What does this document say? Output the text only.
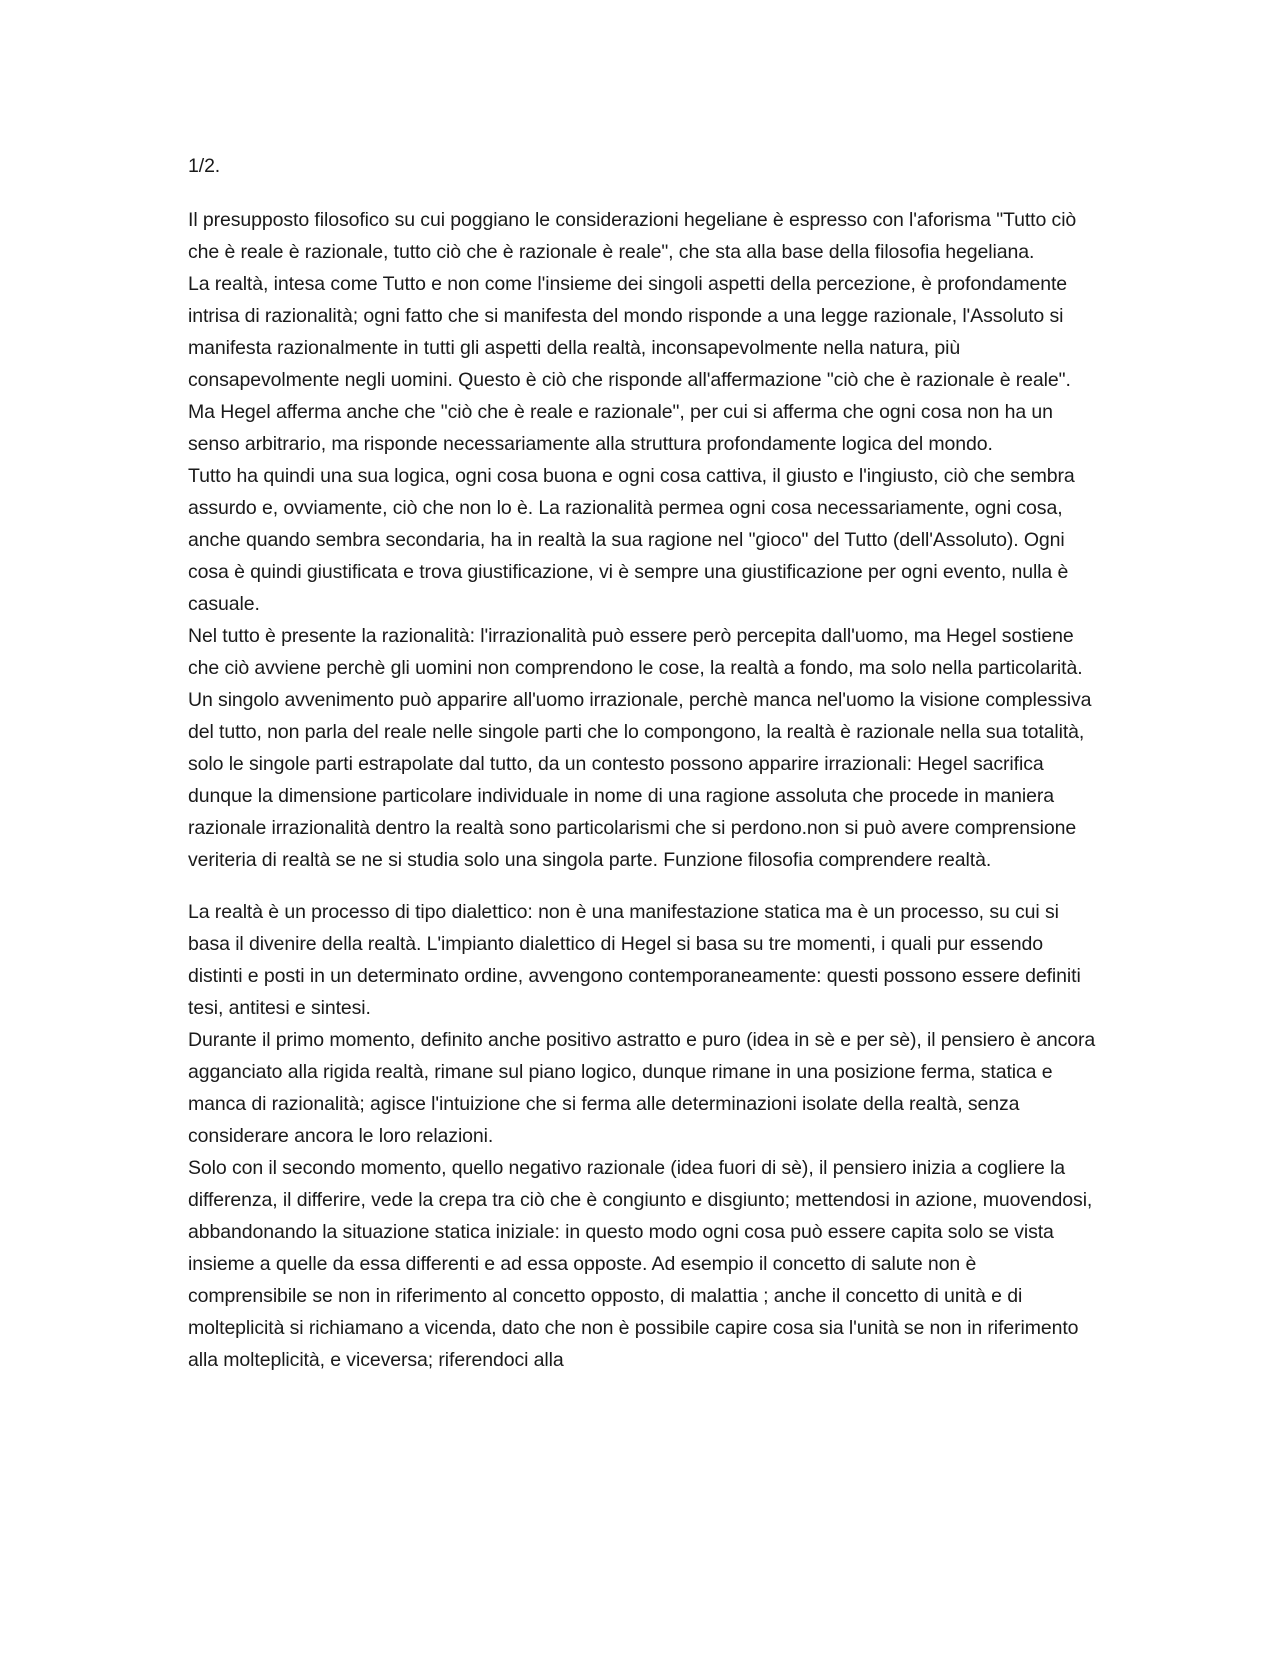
1/2.

Il presupposto filosofico su cui poggiano le considerazioni hegeliane è espresso con l'aforisma "Tutto ciò che è reale è razionale, tutto ciò che è razionale è reale", che sta alla base della filosofia hegeliana.

La realtà, intesa come Tutto e non come l'insieme dei singoli aspetti della percezione, è profondamente intrisa di razionalità; ogni fatto che si manifesta del mondo risponde a una legge razionale, l'Assoluto si manifesta razionalmente in tutti gli aspetti della realtà, inconsapevolmente nella natura, più consapevolmente negli uomini. Questo è ciò che risponde all'affermazione "ciò che è razionale è reale". Ma Hegel afferma anche che "ciò che è reale e razionale", per cui si afferma che ogni cosa non ha un senso arbitrario, ma risponde necessariamente alla struttura profondamente logica del mondo.

Tutto ha quindi una sua logica, ogni cosa buona e ogni cosa cattiva, il giusto e l'ingiusto, ciò che sembra assurdo e, ovviamente, ciò che non lo è. La razionalità permea ogni cosa necessariamente, ogni cosa, anche quando sembra secondaria, ha in realtà la sua ragione nel "gioco" del Tutto (dell'Assoluto). Ogni cosa è quindi giustificata e trova giustificazione, vi è sempre una giustificazione per ogni evento, nulla è casuale.

Nel tutto è presente la razionalità: l'irrazionalità può essere però percepita dall'uomo, ma Hegel sostiene che ciò avviene perchè gli uomini non comprendono le cose, la realtà a fondo, ma solo nella particolarità. Un singolo avvenimento può apparire all'uomo irrazionale, perchè manca nel'uomo la visione complessiva del tutto, non parla del reale nelle singole parti che lo compongono, la realtà è razionale nella sua totalità, solo le singole parti estrapolate dal tutto, da un contesto possono apparire irrazionali: Hegel sacrifica dunque la dimensione particolare individuale in nome di una ragione assoluta che procede in maniera razionale irrazionalità dentro la realtà sono particolarismi che si perdono.non si può avere comprensione veriteria di realtà se ne si studia solo una singola parte. Funzione filosofia comprendere realtà.

La realtà è un processo di tipo dialettico: non è una manifestazione statica ma è un processo, su cui si basa il divenire della realtà. L'impianto dialettico di Hegel si basa su tre momenti, i quali pur essendo distinti e posti in un determinato ordine, avvengono contemporaneamente: questi possono essere definiti tesi, antitesi e sintesi.

Durante il primo momento, definito anche positivo astratto e puro (idea in sè e per sè), il pensiero è ancora agganciato alla rigida realtà, rimane sul piano logico, dunque rimane in una posizione ferma, statica e manca di razionalità; agisce l'intuizione che si ferma alle determinazioni isolate della realtà, senza considerare ancora le loro relazioni.

Solo con il secondo momento, quello negativo razionale (idea fuori di sè), il pensiero inizia a cogliere la differenza, il differire, vede la crepa tra ciò che è congiunto e disgiunto; mettendosi in azione, muovendosi, abbandonando la situazione statica iniziale: in questo modo ogni cosa può essere capita solo se vista insieme a quelle da essa differenti e ad essa opposte. Ad esempio il concetto di salute non è comprensibile se non in riferimento al concetto opposto, di malattia ; anche il concetto di unità e di molteplicità si richiamano a vicenda, dato che non è possibile capire cosa sia l'unità se non in riferimento alla molteplicità, e viceversa; riferendoci alla
